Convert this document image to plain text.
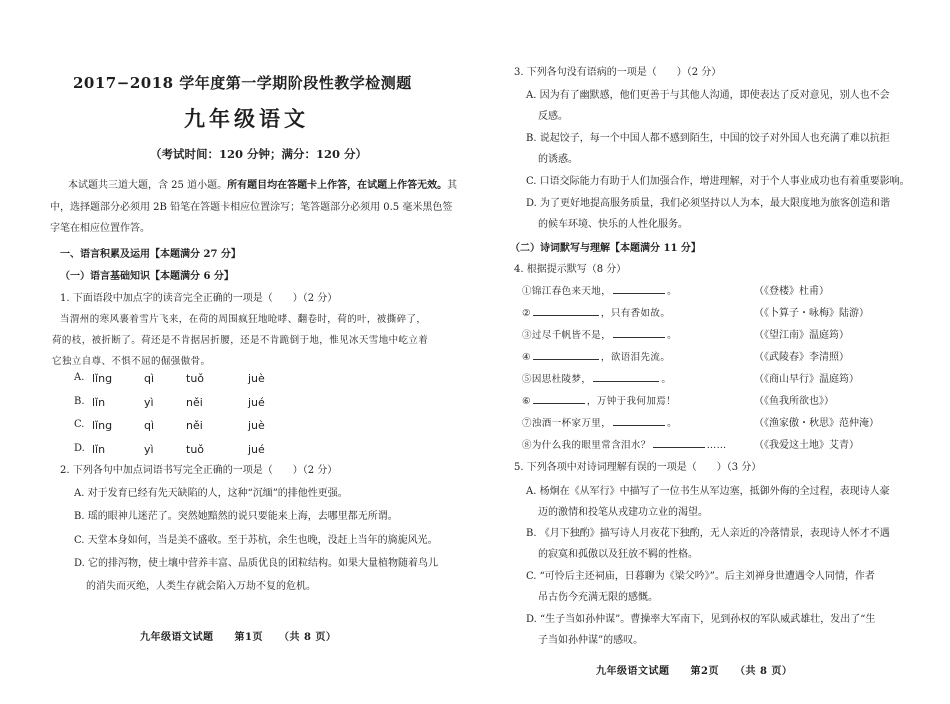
2017−2018 学年度第一学期阶段性教学检测题
九年级语文
（考试时间：120 分钟；满分：120 分）
本试题共三道大题，含 25 道小题。所有题目均在答题卡上作答，在试题上作答无效。其
中，选择题部分必须用 2B 铅笔在答题卡相应位置涂写；笔答题部分必须用 0.5 毫米黑色签
字笔在相应位置作答。
一、语言积累及运用【本题满分 27 分】
（一）语言基础知识【本题满分 6 分】
1. 下面语段中加点字的读音完全正确的一项是（　　）（2 分）
当渭州的寒风裹着雪片飞来，在荷的周围疯狂地呛哮、翻卷时，荷的叶，被撕碎了，
荷的枝，被折断了。荷还是不肯据居折腰，还是不肯跪倒于地，惟见冰天雪地中屹立着
它独立自尊、不惧不屈的倔强傲骨。
A. lǐng	qì	tuǒ	juè
B. lǐn	yì	něi	jué
C. lǐng	qì	něi	juè
D. lǐn	yì	tuǒ	jué
2. 下列各句中加点词语书写完全正确的一项是（　　）（2 分）
A. 对于发育已经有先天缺陷的人，这种“沉缅”的排他性更强。
B. 瑶的眼神儿迷茫了。突然她黯然的说只要能来上海，去哪里都无所谓。
C. 天堂本身如何，当是美不盛收。至于苏杭，余生也晚，没赶上当年的旖旎风光。
D. 它的排泻物，使土壤中营养丰富、品质优良的团粒结构。如果大量植物随着鸟儿
的消失而灭绝，人类生存就会陷入万劫不复的危机。
九年级语文试题　　第1页　　（共 8 页）
3. 下列各句没有语病的一项是（　　）（2 分）
A. 因为有了幽默感，他们更善于与其他人沟通，即使表达了反对意见，别人也不会
反感。
B. 说起饺子，每一个中国人都不感到陌生，中国的饺子对外国人也充满了难以抗拒
的诱惑。
C. 口语交际能力有助于人们加强合作，增进理解，对于个人事业成功也有着重要影响。
D. 为了更好地提高服务质量，我们必须坚持以人为本，最大限度地为旅客创造和谐
的候车环境、快乐的人性化服务。
（二）诗词默写与理解【本题满分 11 分】
4. 根据提示默写（8 分）
①锦江春色来天地，	。	（《登楼》杜甫）
②	，只有香如故。	（《卜算子・咏梅》陆游）
③过尽千帆皆不是，	。	（《望江南》温庭筠）
④	，欲语泪先流。	（《武陵春》李清照）
⑤因思杜陵梦，	。	（《商山早行》温庭筠）
⑥	，万钟于我何加焉！	（《鱼我所欲也》）
⑦浊酒一杯家万里，	。	（《渔家傲・秋思》范仲淹）
⑧为什么我的眼里常含泪水？	……	（《我爱这土地》艾青）
5. 下列各项中对诗词理解有误的一项是（　　）（3 分）
A. 杨炯在《从军行》中描写了一位书生从军边塞，抵御外侮的全过程，表现诗人豪
迈的激情和投笔从戎建功立业的渴望。
B. 《月下独酌》描写诗人月夜花下独酌，无人亲近的冷落情景，表现诗人怀才不遇
的寂寞和孤傲以及狂放不羁的性格。
C. “可怜后主还祠庙，日暮聊为《梁父吟》”。后主刘禅身世遭遇令人同情，作者
吊古伤今充满无限的感慨。
D. “生子当如孙仲谋”。曹操率大军南下，见到孙权的军队威武雄壮，发出了“生
子当如孙仲谋”的感叹。
九年级语文试题　　第2页　　（共 8 页）
